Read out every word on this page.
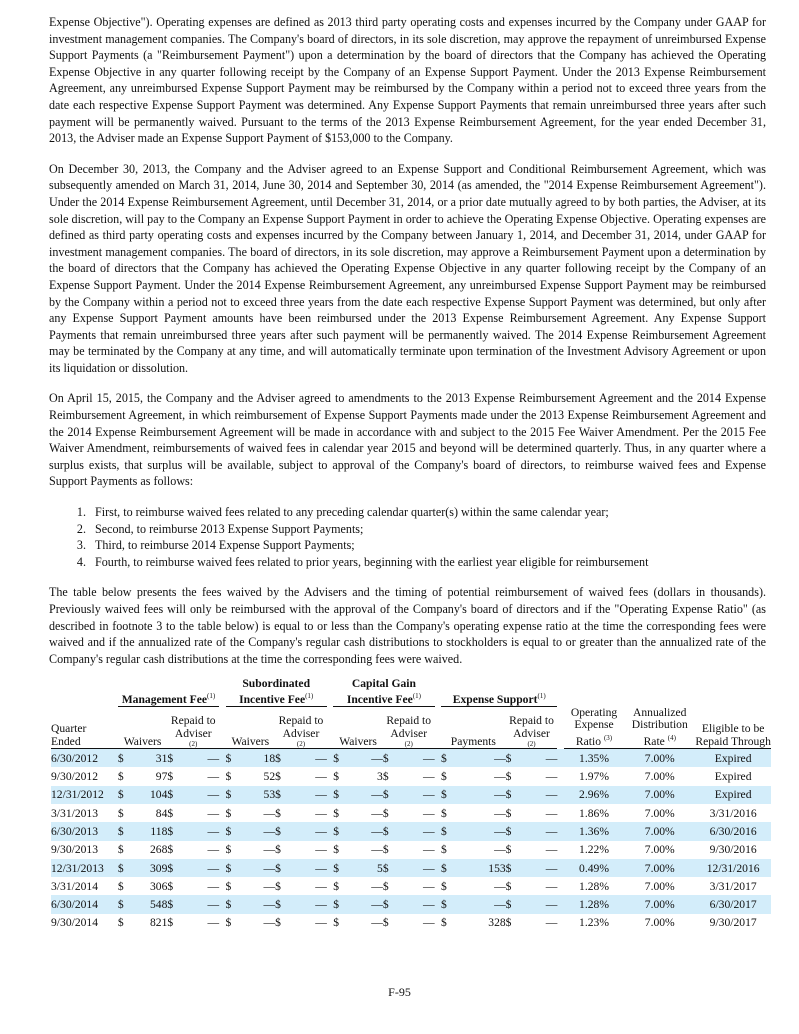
Expense Objective"). Operating expenses are defined as 2013 third party operating costs and expenses incurred by the Company under GAAP for investment management companies. The Company's board of directors, in its sole discretion, may approve the repayment of unreimbursed Expense Support Payments (a "Reimbursement Payment") upon a determination by the board of directors that the Company has achieved the Operating Expense Objective in any quarter following receipt by the Company of an Expense Support Payment. Under the 2013 Expense Reimbursement Agreement, any unreimbursed Expense Support Payment may be reimbursed by the Company within a period not to exceed three years from the date each respective Expense Support Payment was determined. Any Expense Support Payments that remain unreimbursed three years after such payment will be permanently waived. Pursuant to the terms of the 2013 Expense Reimbursement Agreement, for the year ended December 31, 2013, the Adviser made an Expense Support Payment of $153,000 to the Company.

On December 30, 2013, the Company and the Adviser agreed to an Expense Support and Conditional Reimbursement Agreement, which was subsequently amended on March 31, 2014, June 30, 2014 and September 30, 2014 (as amended, the "2014 Expense Reimbursement Agreement"). Under the 2014 Expense Reimbursement Agreement, until December 31, 2014, or a prior date mutually agreed to by both parties, the Adviser, at its sole discretion, will pay to the Company an Expense Support Payment in order to achieve the Operating Expense Objective. Operating expenses are defined as third party operating costs and expenses incurred by the Company between January 1, 2014, and December 31, 2014, under GAAP for investment management companies. The board of directors, in its sole discretion, may approve a Reimbursement Payment upon a determination by the board of directors that the Company has achieved the Operating Expense Objective in any quarter following receipt by the Company of an Expense Support Payment. Under the 2014 Expense Reimbursement Agreement, any unreimbursed Expense Support Payment may be reimbursed by the Company within a period not to exceed three years from the date each respective Expense Support Payment was determined, but only after any Expense Support Payment amounts have been reimbursed under the 2013 Expense Reimbursement Agreement. Any Expense Support Payments that remain unreimbursed three years after such payment will be permanently waived. The 2014 Expense Reimbursement Agreement may be terminated by the Company at any time, and will automatically terminate upon termination of the Investment Advisory Agreement or upon its liquidation or dissolution.

On April 15, 2015, the Company and the Adviser agreed to amendments to the 2013 Expense Reimbursement Agreement and the 2014 Expense Reimbursement Agreement, in which reimbursement of Expense Support Payments made under the 2013 Expense Reimbursement Agreement and the 2014 Expense Reimbursement Agreement will be made in accordance with and subject to the 2015 Fee Waiver Amendment. Per the 2015 Fee Waiver Amendment, reimbursements of waived fees in calendar year 2015 and beyond will be determined quarterly. Thus, in any quarter where a surplus exists, that surplus will be available, subject to approval of the Company's board of directors, to reimburse waived fees and Expense Support Payments as follows:

1. First, to reimburse waived fees related to any preceding calendar quarter(s) within the same calendar year;
2. Second, to reimburse 2013 Expense Support Payments;
3. Third, to reimburse 2014 Expense Support Payments;
4. Fourth, to reimburse waived fees related to prior years, beginning with the earliest year eligible for reimbursement

The table below presents the fees waived by the Advisers and the timing of potential reimbursement of waived fees (dollars in thousands). Previously waived fees will only be reimbursed with the approval of the Company's board of directors and if the "Operating Expense Ratio" (as described in footnote 3 to the table below) is equal to or less than the Company's operating expense ratio at the time the corresponding fees were waived and if the annualized rate of the Company's regular cash distributions to stockholders is equal to or greater than the annualized rate of the Company's regular cash distributions at the time the corresponding fees were waived.

	Management Fee$^{(1)}$					Subordinated Incentive Fee$^{(1)}$					Capital Gain Incentive Fee$^{(1)}$					Expense Support$^{(1)}$				
Quarter Ended	Waivers		Repaid to Adviser
(2)			Waivers		Repaid to Adviser
(2)			Waivers		Repaid to Adviser
(2)			Payments		Repaid to Adviser
(2)			Operating Expense Ratio $^{(3)}$	Annualized Distribution Rate $^{(4)}$	Eligible to be Repaid Through
6/30/2012	$	31	$	—		$	18	$	—		$	—	$	—		$	—	$	—		1.35%	7.00%	Expired
9/30/2012	$	97	$	—		$	52	$	—		$	3	$	—		$	—	$	—		1.97%	7.00%	Expired
12/31/2012	$	104	$	—		$	53	$	—		$	—	$	—		$	—	$	—		2.96%	7.00%	Expired
3/31/2013	$	84	$	—		$	—	$	—		$	—	$	—		$	—	$	—		1.86%	7.00%	3/31/2016
6/30/2013	$	118	$	—		$	—	$	—		$	—	$	—		$	—	$	—		1.36%	7.00%	6/30/2016
9/30/2013	$	268	$	—		$	—	$	—		$	—	$	—		$	—	$	—		1.22%	7.00%	9/30/2016
12/31/2013	$	309	$	—		$	—	$	—		$	5	$	—		$	153	$	—		0.49%	7.00%	12/31/2016
3/31/2014	$	306	$	—		$	—	$	—		$	—	$	—		$	—	$	—		1.28%	7.00%	3/31/2017
6/30/2014	$	548	$	—		$	—	$	—		$	—	$	—		$	—	$	—		1.28%	7.00%	6/30/2017
9/30/2014	$	821	$	—		$	—	$	—		$	—	$	—		$	328	$	—		1.23%	7.00%	9/30/2017
F-95
